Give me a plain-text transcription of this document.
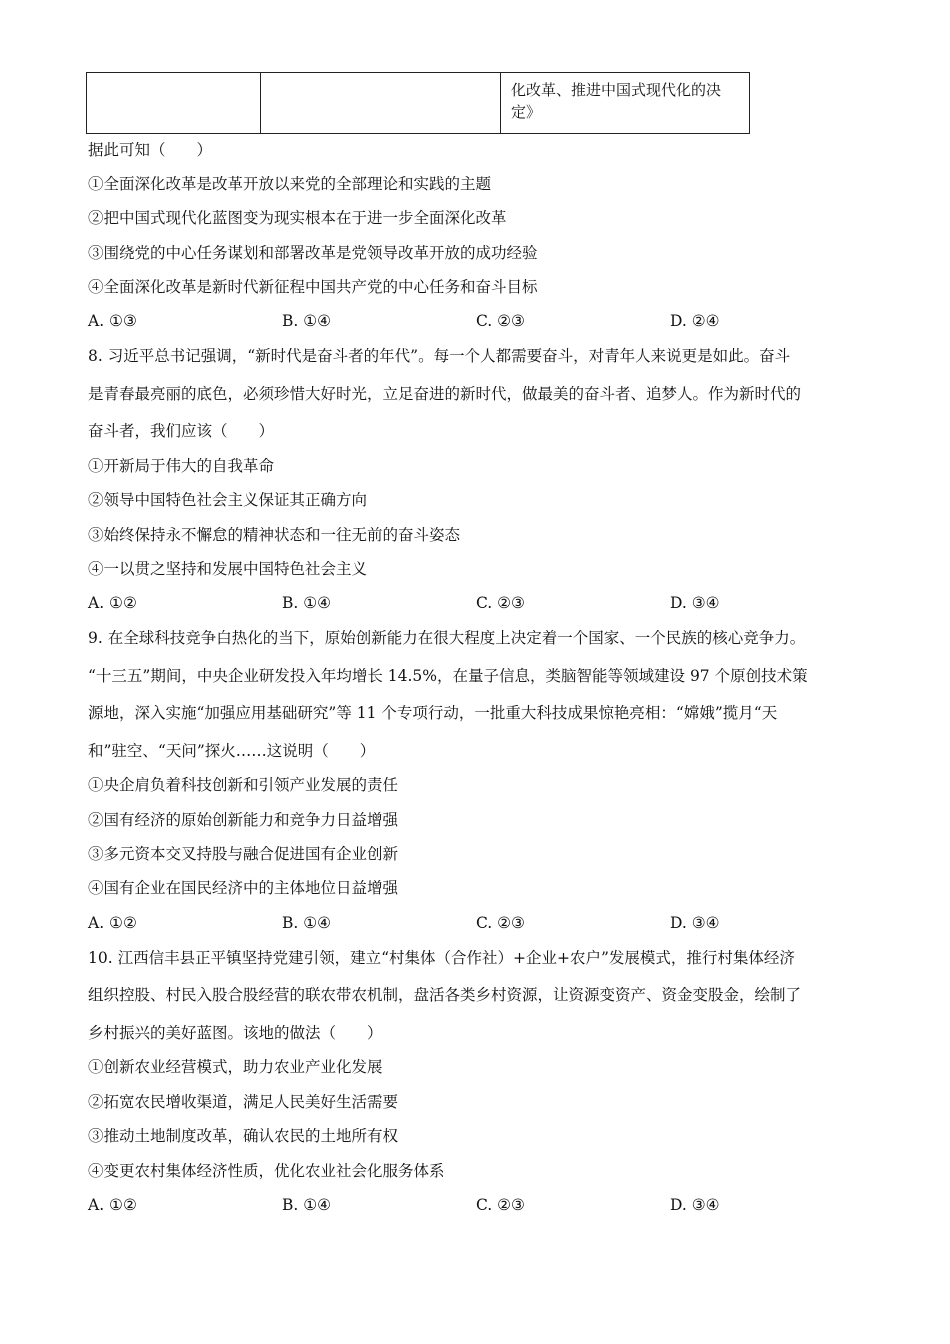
		化改革、推进中国式现代化的决定》
据此可知（　　）
①全面深化改革是改革开放以来党的全部理论和实践的主题
②把中国式现代化蓝图变为现实根本在于进一步全面深化改革
③围绕党的中心任务谋划和部署改革是党领导改革开放的成功经验
④全面深化改革是新时代新征程中国共产党的中心任务和奋斗目标
A. ①③	B. ①④	C. ②③	D. ②④
8. 习近平总书记强调，“新时代是奋斗者的年代”。每一个人都需要奋斗，对青年人来说更是如此。奋斗
是青春最亮丽的底色，必须珍惜大好时光，立足奋进的新时代，做最美的奋斗者、追梦人。作为新时代的
奋斗者，我们应该（　　）
①开新局于伟大的自我革命
②领导中国特色社会主义保证其正确方向
③始终保持永不懈怠的精神状态和一往无前的奋斗姿态
④一以贯之坚持和发展中国特色社会主义
A. ①②	B. ①④	C. ②③	D. ③④
9. 在全球科技竞争白热化的当下，原始创新能力在很大程度上决定着一个国家、一个民族的核心竞争力。
“十三五”期间，中央企业研发投入年均增长 14.5%，在量子信息，类脑智能等领域建设 97 个原创技术策
源地，深入实施“加强应用基础研究”等 11 个专项行动，一批重大科技成果惊艳亮相：“嫦娥”揽月“天
和”驻空、“天问”探火……这说明（　　）
①央企肩负着科技创新和引领产业发展的责任
②国有经济的原始创新能力和竞争力日益增强
③多元资本交叉持股与融合促进国有企业创新
④国有企业在国民经济中的主体地位日益增强
A. ①②	B. ①④	C. ②③	D. ③④
10. 江西信丰县正平镇坚持党建引领，建立“村集体（合作社）+企业+农户”发展模式，推行村集体经济
组织控股、村民入股合股经营的联农带农机制，盘活各类乡村资源，让资源变资产、资金变股金，绘制了
乡村振兴的美好蓝图。该地的做法（　　）
①创新农业经营模式，助力农业产业化发展
②拓宽农民增收渠道，满足人民美好生活需要
③推动土地制度改革，确认农民的土地所有权
④变更农村集体经济性质，优化农业社会化服务体系
A. ①②	B. ①④	C. ②③	D. ③④
